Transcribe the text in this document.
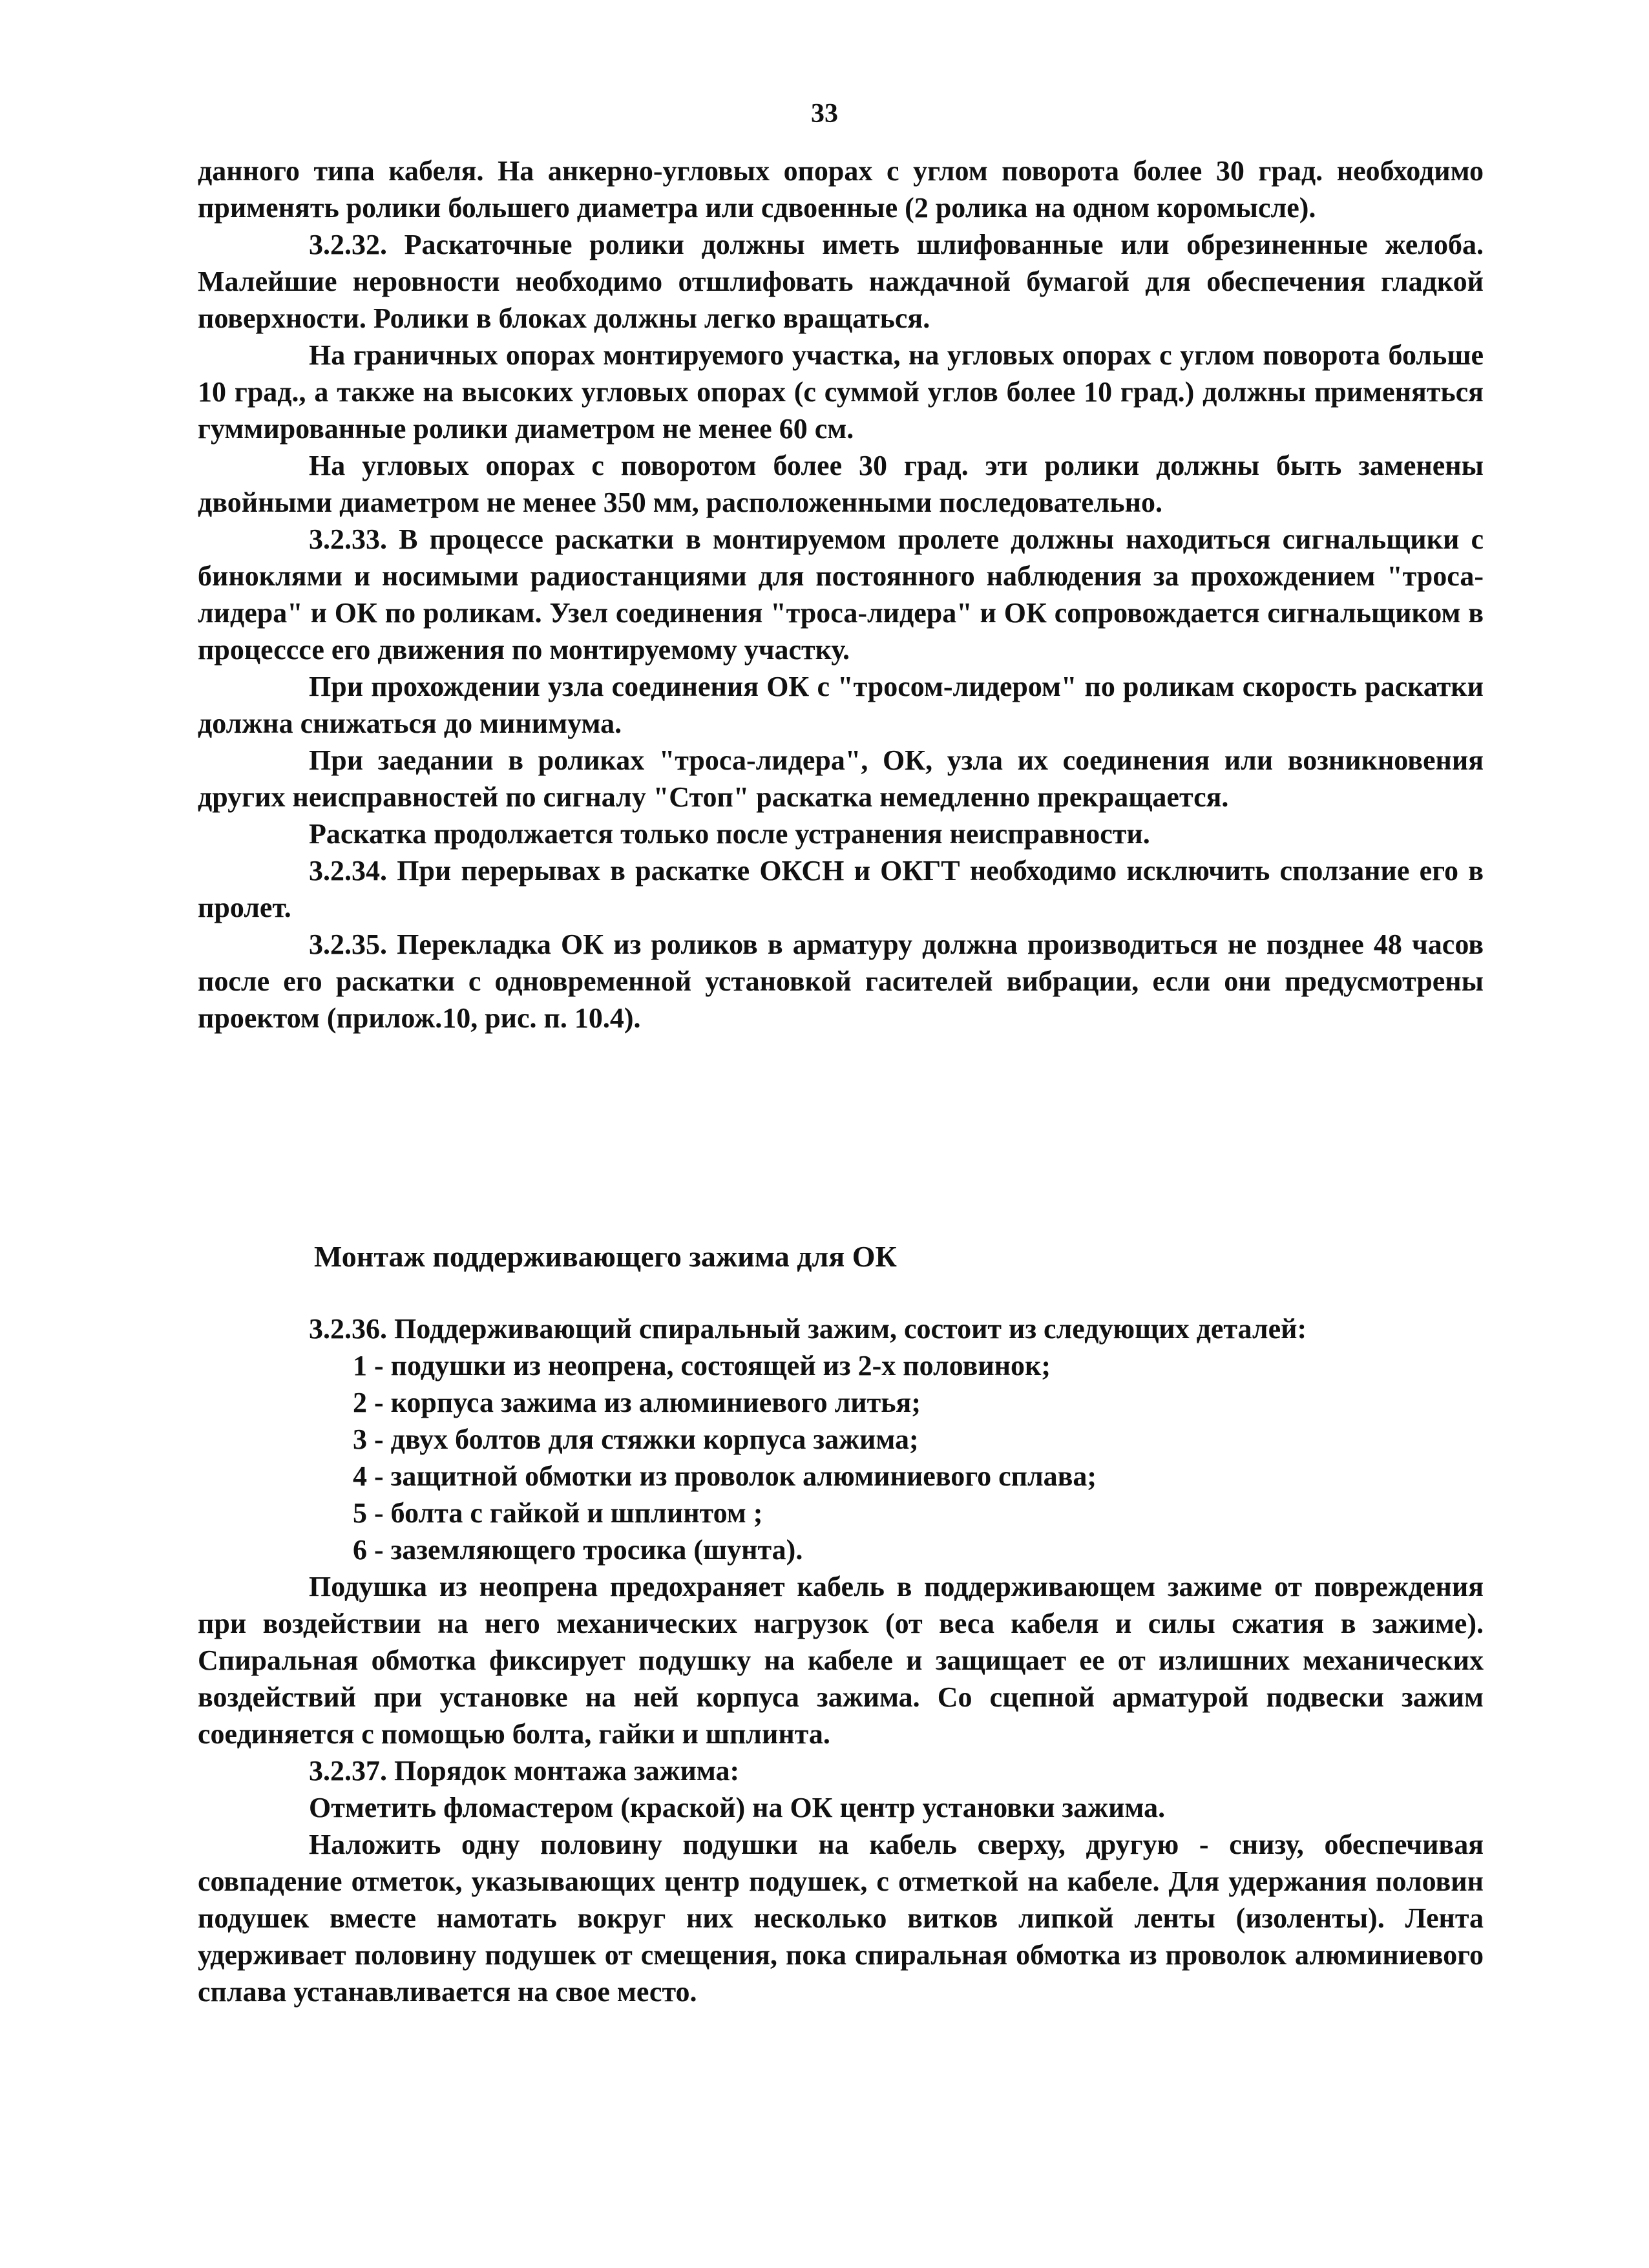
33

данного типа кабеля. На анкерно-угловых опорах с углом поворота более 30 град. необходимо применять ролики большего диаметра или сдвоенные (2 ролика на одном коромысле).

3.2.32. Раскаточные ролики должны иметь шлифованные или обрезиненные желоба. Малейшие неровности необходимо отшлифовать наждачной бумагой для обеспечения гладкой поверхности. Ролики в блоках должны легко вращаться.

На граничных опорах монтируемого участка, на угловых опорах с углом поворота больше 10 град., а также на высоких угловых опорах (с суммой углов более 10 град.) должны применяться гуммированные ролики диаметром не менее 60 см.

На угловых опорах с поворотом более 30 град. эти ролики должны быть заменены двойными диаметром не менее 350 мм, расположенными последовательно.

3.2.33. В процессе раскатки в монтируемом пролете должны находиться сигнальщики с биноклями и носимыми радиостанциями для постоянного наблюдения за прохождением "троса-лидера" и ОК по роликам. Узел соединения "троса-лидера" и ОК сопровождается сигнальщиком в процесссе его движения по монтируемому участку.

При прохождении узла соединения ОК с "тросом-лидером" по роликам скорость раскатки должна снижаться до минимума.

При заедании в роликах "троса-лидера", ОК, узла их соединения или возникновения других неисправностей по сигналу "Стоп" раскатка немедленно прекращается.

Раскатка продолжается только после устранения неисправности.

3.2.34. При перерывах в раскатке ОКСН и ОКГТ необходимо исключить сползание его в пролет.

3.2.35. Перекладка ОК из роликов в арматуру должна производиться не позднее 48 часов после его раскатки с одновременной установкой гасителей вибрации, если они предусмотрены проектом (прилож.10, рис. п. 10.4).

Монтаж поддерживающего зажима для ОК

3.2.36. Поддерживающий спиральный зажим, состоит из следующих деталей:

1 - подушки из неопрена, состоящей из 2-х половинок;

2 - корпуса зажима из алюминиевого литья;

3 - двух болтов для стяжки корпуса зажима;

4 - защитной обмотки из проволок алюминиевого сплава;

5 - болта с гайкой и шплинтом ;

6 - заземляющего тросика (шунта).

Подушка из неопрена предохраняет кабель в поддерживающем зажиме от повреждения при воздействии на него механических нагрузок (от веса кабеля и силы сжатия в зажиме). Спиральная обмотка фиксирует подушку на кабеле и защищает ее от излишних механических воздействий при установке на ней корпуса зажима. Со сцепной арматурой подвески зажим соединяется с помощью болта, гайки и шплинта.

3.2.37. Порядок монтажа зажима:

Отметить фломастером (краской) на ОК центр установки зажима.

Наложить одну половину подушки на кабель сверху, другую - снизу, обеспечивая совпадение отметок, указывающих центр подушек, с отметкой на кабеле. Для удержания половин подушек вместе намотать вокруг них несколько витков липкой ленты (изоленты). Лента удерживает половину подушек от смещения, пока спиральная обмотка из проволок алюминиевого сплава устанавливается на свое место.
